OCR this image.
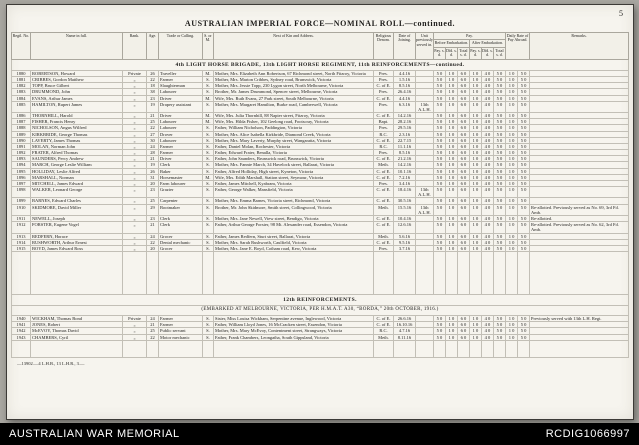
5
AUSTRALIAN IMPERIAL FORCE—NOMINAL ROLL—continued.
Regtl. No.	Name in full.	Rank.	Age.	Trade or Calling.	S. or M.	Next of Kin and Address.	Religious Denom.	Date of Joining.	Unit previously served in.	Pay.						Daily Rate of Pay Abroad.		Remarks.
										Before Embarkation.			After Embarkation.					
										Pay. s. d.	Dfd. s. d.	Total s. d.	Pay. s. d.	Dfd. s. d.	Total s. d.			
4th LIGHT HORSE BRIGADE, 13th LIGHT HORSE REGIMENT, 11th REINFORCEMENTS—continued.																		
1880	ROBERTSON, Howard	Private	26	Traveller	M.	Mother, Mrs. Elizabeth Ann Robertson, 67 Richmond street, North Fitzroy, Victoria	Pres.	4.4.16		5 0	1 0	6 0	1 0	4 0	5 0	1 0	5 0	
1881	CRIBBES, Gordon Matthew	„	22	Farmer	S.	Mother, Mrs. Marion Cribbes, Sydney road, Brunswick, Victoria	Pres.	1.5.16		5 0	1 0	6 0	1 0	4 0	5 0	1 0	5 0	
1882	TOPP, Bruce Gilbert	„	18	Slaughterman	S.	Mother, Mrs. Jessie Topp, 230 Lygon street, North Melbourne, Victoria	C. of E.	8.5.16		5 0	1 0	6 0	1 0	4 0	5 0	1 0	5 0	
1883	DRUMMOND, John	„	38	Labourer	S.	Brother, Mr. James Drummond, Spencer street, Melbourne, Victoria	Pres.	26.4.16		5 0	1 0	6 0	1 0	4 0	5 0	1 0	5 0	
1884	EVANS, Arthur James	„	23	Driver	M.	Wife, Mrs. Ruth Evans, 27 Park street, South Melbourne, Victoria	C. of E.	4.4.16		5 0	1 0	6 0	1 0	4 0	5 0	1 0	5 0	
1885	HAMILTON, Rupert James	„	19	Drapery assistant	S.	Mother, Mrs. Margaret Hamilton, Burke road, Camberwell, Victoria	Pres.	6.3.16	13th A.L.H.	5 0	1 0	6 0	1 0	4 0	5 0	1 0	5 0	
1886	THORNHILL, Harold	„	21	Driver	M.	Wife, Mrs. Julia Thornhill, 88 Napier street, Fitzroy, Victoria	C. of E.	14.2.16		5 0	1 0	6 0	1 0	4 0	5 0	1 0	5 0	
1887	FISHER, Francis Henry	„	25	Labourer	M.	Wife, Mrs. Hilda Fisher, 102 Geelong road, Footscray, Victoria	Bapt.	28.2.16		5 0	1 0	6 0	1 0	4 0	5 0	1 0	5 0	
1888	NICHOLSON, Angus Wilfred	„	22	Labourer	S.	Father, William Nicholson, Paddington, Victoria	Pres.	29.5.16		5 0	1 0	6 0	1 0	4 0	5 0	1 0	5 0	
1889	KIRKBRIDE, George Thomas	„	27	Drover	S.	Mother, Mrs. Alice Isabella Kirkbride, Diamond Creek, Victoria	R.C.	2.3.16		5 0	1 0	6 0	1 0	4 0	5 0	1 0	5 0	
1890	LAVERTY, James Thomas	„	30	Labourer	S.	Mother, Mrs. Mary Laverty, Murphy street, Wangaratta, Victoria	C. of E.	22.7.15		5 0	1 0	6 0	1 0	4 0	5 0	1 0	5 0	
1891	MOLAN, Norman John	„	24	Farmer	S.	Father, Daniel Molan, Rochester, Victoria	R.C.	11.1.16		5 0	1 0	6 0	1 0	4 0	5 0	1 0	5 0	
1892	FRATER, Alfred Thomas	„	28	Farmer	S.	Father, Edward Frater, Benalla, Victoria	Pres.	8.5.16		5 0	1 0	6 0	1 0	4 0	5 0	1 0	5 0	
1893	SAUNDERS, Percy Andrew	„	21	Driver	S.	Father, John Saunders, Brunswick road, Brunswick, Victoria	C. of E.	21.2.16		5 0	1 0	6 0	1 0	4 0	5 0	1 0	5 0	
1894	MARCH, George Leslie William	„	19	Clerk	S.	Mother, Mrs. Fannie March, 34 Havelock street, Ballarat, Victoria	Meth.	14.2.16		5 0	1 0	6 0	1 0	4 0	5 0	1 0	5 0	
1895	HOLLIDAY, Leslie Alfred	„	26	Baker	S.	Father, Alfred Holliday, High street, Kyneton, Victoria	C. of E.	10.1.16		5 0	1 0	6 0	1 0	4 0	5 0	1 0	5 0	
1896	MARSHALL, Norman	„	31	Horsemaster	M.	Wife, Mrs. Edith Marshall, Station street, Seymour, Victoria	C. of E.	7.2.16		5 0	1 0	6 0	1 0	4 0	5 0	1 0	5 0	
1897	MITCHELL, James Edward	„	20	Farm labourer	S.	Father, James Mitchell, Kyabram, Victoria	Pres.	3.4.16		5 0	1 0	6 0	1 0	4 0	5 0	1 0	5 0	
1898	WALKER, Leonard George	„	23	Grazier	S.	Father, George Walker, Mansfield, Victoria	C. of E.	18.4.16	13th A.L.H.	5 0	1 0	6 0	1 0	4 0	5 0	1 0	5 0	
1899	BARNES, Edward Charles	„	25	Carpenter	S.	Mother, Mrs. Emma Barnes, Victoria street, Richmond, Victoria	C. of E.	30.5.16		5 0	1 0	6 0	1 0	4 0	5 0	1 0	5 0	
1910	SKIDMORE, David Miller	„	29	Bootmaker	S.	Brother, Mr. John Skidmore, Smith street, Collingwood, Victoria	Meth.	15.5.16	13th A.L.H.	5 0	1 0	6 0	1 0	4 0	5 0	1 0	5 0	Re-allotted. Previously served as No. 69, 3rd Fd. Amb.
1911	NEWELL, Joseph	„	23	Clerk	S.	Mother, Mrs. Jane Newell, View street, Bendigo, Victoria	C. of E.	10.4.16		5 0	1 0	6 0	1 0	4 0	5 0	1 0	5 0	Re-allotted.
1912	FORSTER, Eugene Vogel	„	21	Clerk	S.	Father, Arthur George Forster, 98 Mt. Alexander road, Essendon, Victoria	C. of E.	12.6.16		5 0	1 0	6 0	1 0	4 0	5 0	1 0	5 0	Re-allotted. Previously served as No. 62, 3rd Fd. Amb.
1913	REDFERN, Horace	„	24	Grocer	S.	Father, James Redfern, Sturt street, Ballarat, Victoria	Meth.	5.6.16		5 0	1 0	6 0	1 0	4 0	5 0	1 0	5 0	
1914	RUSHWORTH, Arthur Ernest	„	22	Dental mechanic	S.	Mother, Mrs. Sarah Rushworth, Caulfield, Victoria	C. of E.	9.5.16		5 0	1 0	6 0	1 0	4 0	5 0	1 0	5 0	
1915	BOYD, James Edward Ross	„	20	Grocer	S.	Mother, Mrs. Jane E. Boyd, Cotham road, Kew, Victoria	Pres.	3.7.16		5 0	1 0	6 0	1 0	4 0	5 0	1 0	5 0	

12th REINFORCEMENTS.																		
(EMBARKED AT MELBOURNE, VICTORIA, PER H.M.A.T. A30, “BORDA,” 20th OCTOBER, 1916.)																		
1940	WICKHAM, Thomas Bond	Private	24	Farmer	S.	Sister, Miss Louisa Wickham, Serpentine avenue, Inglewood, Victoria	C. of E.	26.6.16		5 0	1 0	6 0	1 0	4 0	5 0	1 0	5 0	Previously served with 13th L.H. Regt.
1941	JONES, Robert	„	21	Farmer	S.	Father, William Lloyd Jones, 16 McCracken street, Essendon, Victoria	C. of E.	16.10.16		5 0	1 0	6 0	1 0	4 0	5 0	1 0	5 0	
1942	McEVOY, Thomas David	„	25	Public servant	S.	Mother, Mrs. Mary McEvoy, Contentment street, Strangways, Victoria	R.C.	4.7.16		5 0	1 0	6 0	1 0	4 0	5 0	1 0	5 0	
1943	CHAMBERS, Cyril	„	22	Motor mechanic	S.	Father, Frank Chambers, Leongatha, South Gippsland, Victoria	Meth.	8.11.16		5 0	1 0	6 0	1 0	4 0	5 0	1 0	5 0	

—13902.—4 L.H.B., 13 L.H.R., 3.—
AUSTRALIAN WAR MEMORIAL	RCDIG1066997
